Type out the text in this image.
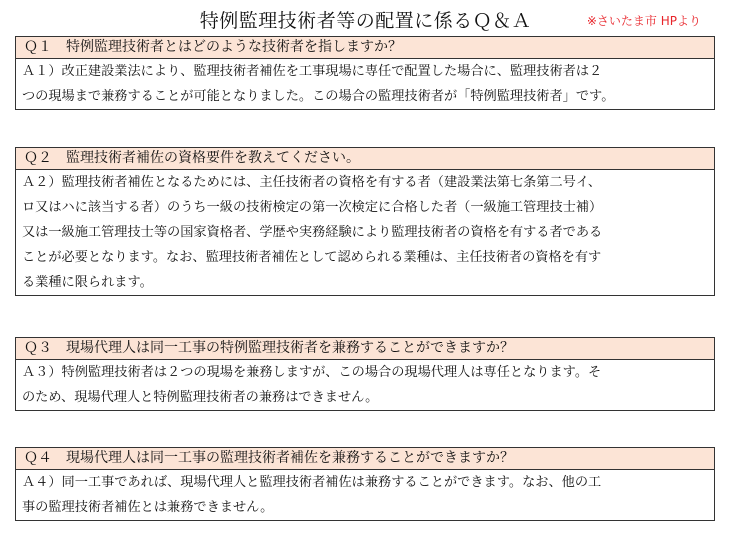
特例監理技術者等の配置に係るＱ＆Ａ	※さいたま市 HPより
Ｑ１　特例監理技術者とはどのような技術者を指しますか？
Ａ１）改正建設業法により、監理技術者補佐を工事現場に専任で配置した場合に、監理技術者は２
つの現場まで兼務することが可能となりました。この場合の監理技術者が「特例監理技術者」です。
Ｑ２　監理技術者補佐の資格要件を教えてください。
Ａ２）監理技術者補佐となるためには、主任技術者の資格を有する者（建設業法第七条第二号イ、
ロ又はハに該当する者）のうち一級の技術検定の第一次検定に合格した者（一級施工管理技士補）
又は一級施工管理技士等の国家資格者、学歴や実務経験により監理技術者の資格を有する者である
ことが必要となります。なお、監理技術者補佐として認められる業種は、主任技術者の資格を有す
る業種に限られます。
Ｑ３　現場代理人は同一工事の特例監理技術者を兼務することができますか？
Ａ３）特例監理技術者は２つの現場を兼務しますが、この場合の現場代理人は専任となります。そ
のため、現場代理人と特例監理技術者の兼務はできません。
Ｑ４　現場代理人は同一工事の監理技術者補佐を兼務することができますか？
Ａ４）同一工事であれば、現場代理人と監理技術者補佐は兼務することができます。なお、他の工
事の監理技術者補佐とは兼務できません。
